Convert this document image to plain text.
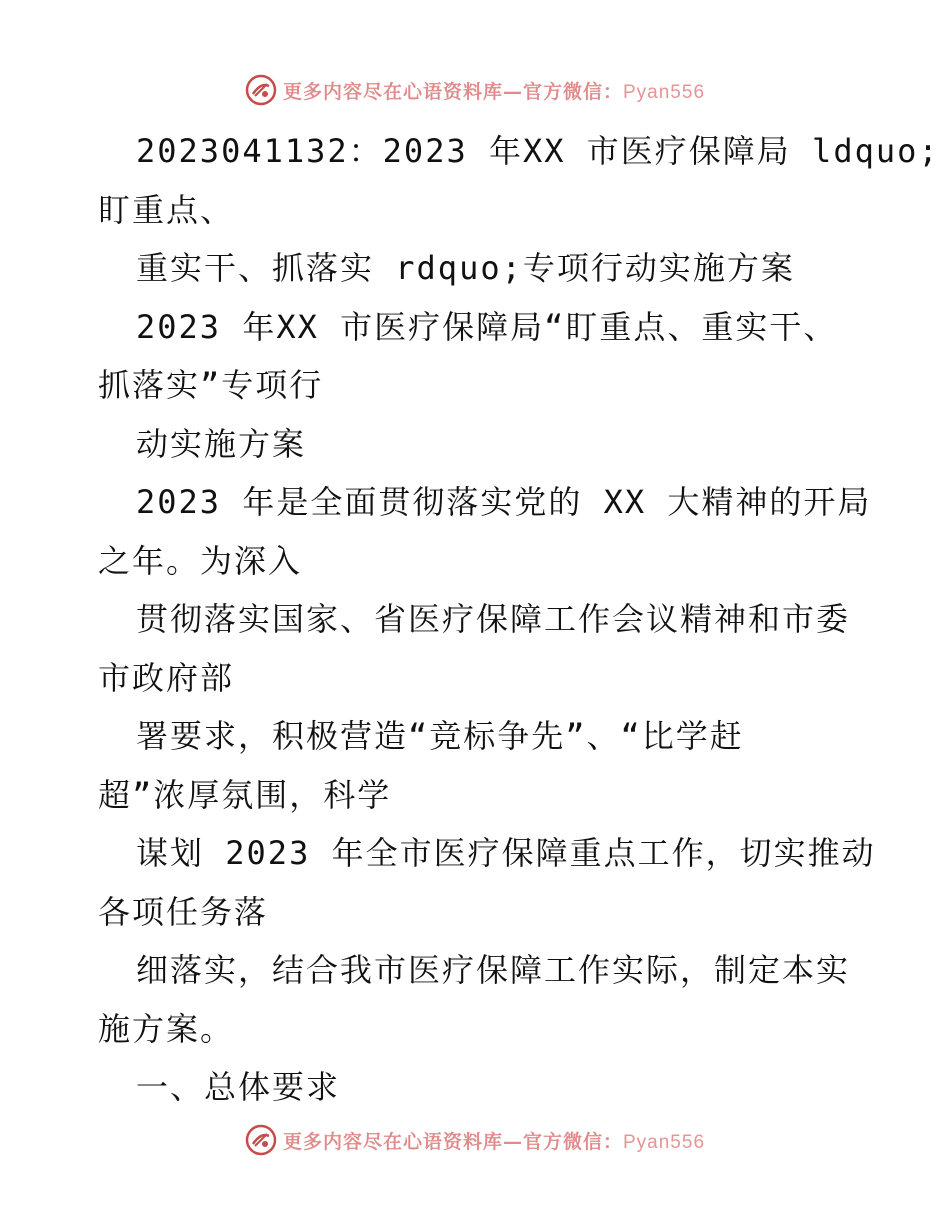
更多内容尽在心语资料库—官方微信：Pyan556
2023041132：2023 年XX 市医疗保障局 ldquo;
盯重点、
重实干、抓落实 rdquo;专项行动实施方案
2023 年XX 市医疗保障局“盯重点、重实干、
抓落实”专项行
动实施方案
2023 年是全面贯彻落实党的 XX 大精神的开局
之年。为深入
贯彻落实国家、省医疗保障工作会议精神和市委
市政府部
署要求，积极营造“竞标争先”、“比学赶
超”浓厚氛围，科学
谋划 2023 年全市医疗保障重点工作，切实推动
各项任务落
细落实，结合我市医疗保障工作实际，制定本实
施方案。
一、总体要求
更多内容尽在心语资料库—官方微信：Pyan556
